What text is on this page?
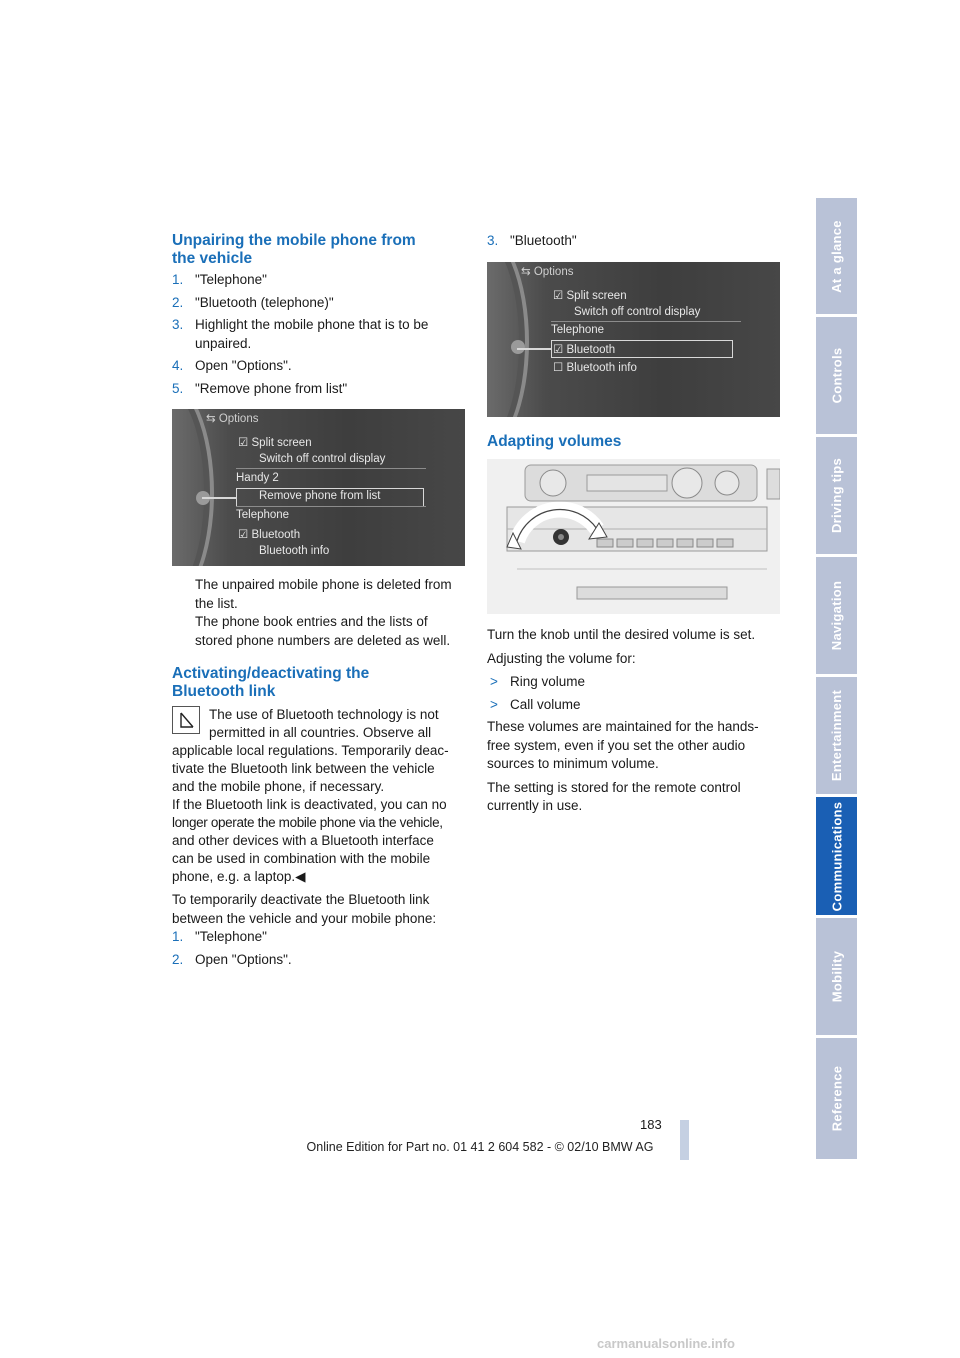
Unpairing the mobile phone from
the vehicle
1. "Telephone"
2. "Bluetooth (telephone)"
3. Highlight the mobile phone that is to be unpaired.
4. Open "Options".
5. "Remove phone from list"
⇆ Options
☑ Split screen
Switch off control display
Handy 2
Remove phone from list
Telephone
☑ Bluetooth
Bluetooth info

The unpaired mobile phone is deleted from

the list.

The phone book entries and the lists of

stored phone numbers are deleted as well.

Activating/deactivating the
Bluetooth link

The use of Bluetooth technology is not

permitted in all countries. Observe all

applicable local regulations. Temporarily deac-

tivate the Bluetooth link between the vehicle

and the mobile phone, if necessary.

If the Bluetooth link is deactivated, you can no

longer operate the mobile phone via the vehicle,

and other devices with a Bluetooth interface

can be used in combination with the mobile

phone, e.g. a laptop.◀

To temporarily deactivate the Bluetooth link

between the vehicle and your mobile phone:

1. "Telephone"
2. Open "Options".
3. "Bluetooth"
⇆ Options
☑ Split screen
Switch off control display
Telephone
☑ Bluetooth
☐ Bluetooth info
Adapting volumes

Turn the knob until the desired volume is set.

Adjusting the volume for:

> Ring volume
> Call volume

These volumes are maintained for the hands-

free system, even if you set the other audio

sources to minimum volume.

The setting is stored for the remote control

currently in use.

At a glance
Controls
Driving tips
Navigation
Entertainment
Communications
Mobility
Reference
183
Online Edition for Part no. 01 41 2 604 582 - © 02/10 BMW AG
carmanualsonline.info
